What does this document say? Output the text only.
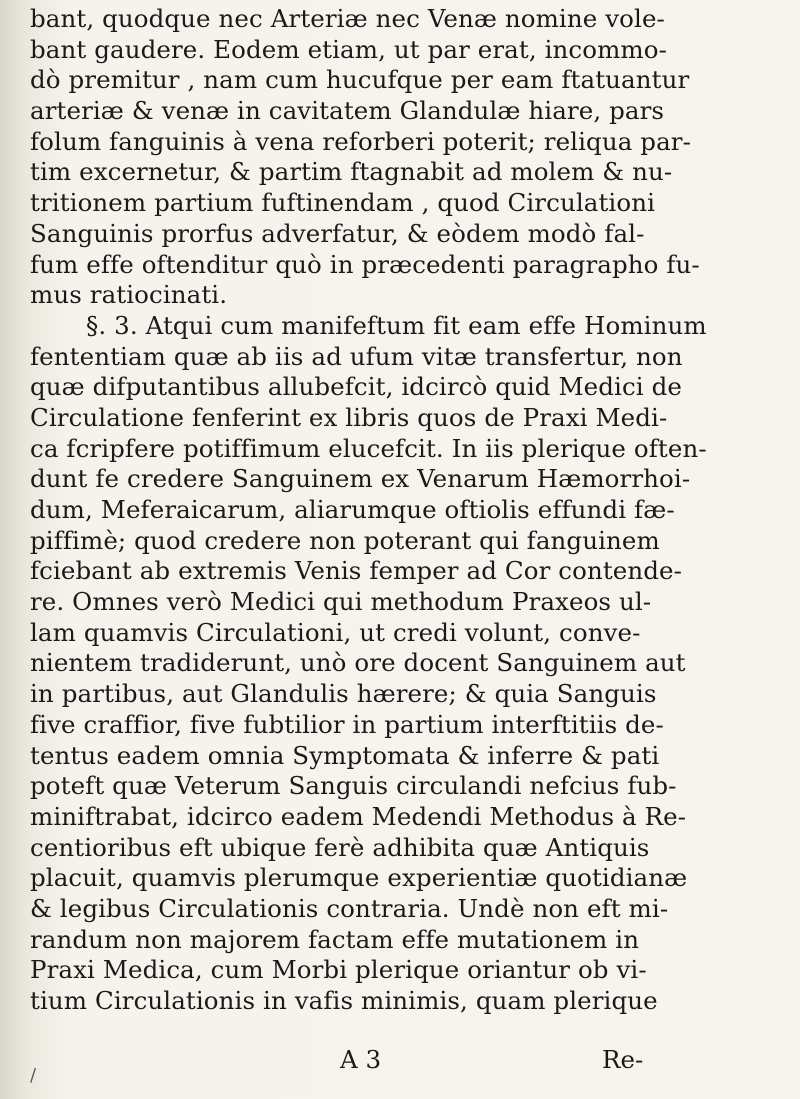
bant, quodque nec Arteriæ nec Venæ nomine vole-
bant gaudere. Eodem etiam, ut par erat, incommo-
dò premitur , nam cum hucufque per eam ftatuantur
arteriæ & venæ in cavitatem Glandulæ hiare, pars
folum fanguinis à vena reforberi poterit; reliqua par-
tim excernetur, & partim ftagnabit ad molem & nu-
tritionem partium fuftinendam , quod Circulationi
Sanguinis prorfus adverfatur, & eòdem modò fal-
fum effe oftenditur quò in præcedenti paragrapho fu-
mus ratiocinati.
§. 3. Atqui cum manifeftum fit eam effe Hominum
fententiam quæ ab iis ad ufum vitæ transfertur, non
quæ difputantibus allubefcit, idcircò quid Medici de
Circulatione fenferint ex libris quos de Praxi Medi-
ca fcripfere potiffimum elucefcit. In iis plerique often-
dunt fe credere Sanguinem ex Venarum Hæmorrhoi-
dum, Meferaicarum, aliarumque oftiolis effundi fæ-
piffimè; quod credere non poterant qui fanguinem
fciebant ab extremis Venis femper ad Cor contende-
re. Omnes verò Medici qui methodum Praxeos ul-
lam quamvis Circulationi, ut credi volunt, conve-
nientem tradiderunt, unò ore docent Sanguinem aut
in partibus, aut Glandulis hærere; & quia Sanguis
five craffior, five fubtilior in partium interftitiis de-
tentus eadem omnia Symptomata & inferre & pati
poteft quæ Veterum Sanguis circulandi nefcius fub-
miniftrabat, idcirco eadem Medendi Methodus à Re-
centioribus eft ubique ferè adhibita quæ Antiquis
placuit, quamvis plerumque experientiæ quotidianæ
& legibus Circulationis contraria. Undè non eft mi-
randum non majorem factam effe mutationem in
Praxi Medica, cum Morbi plerique oriantur ob vi-
tium Circulationis in vafis minimis, quam plerique
A 3	Re-
/
